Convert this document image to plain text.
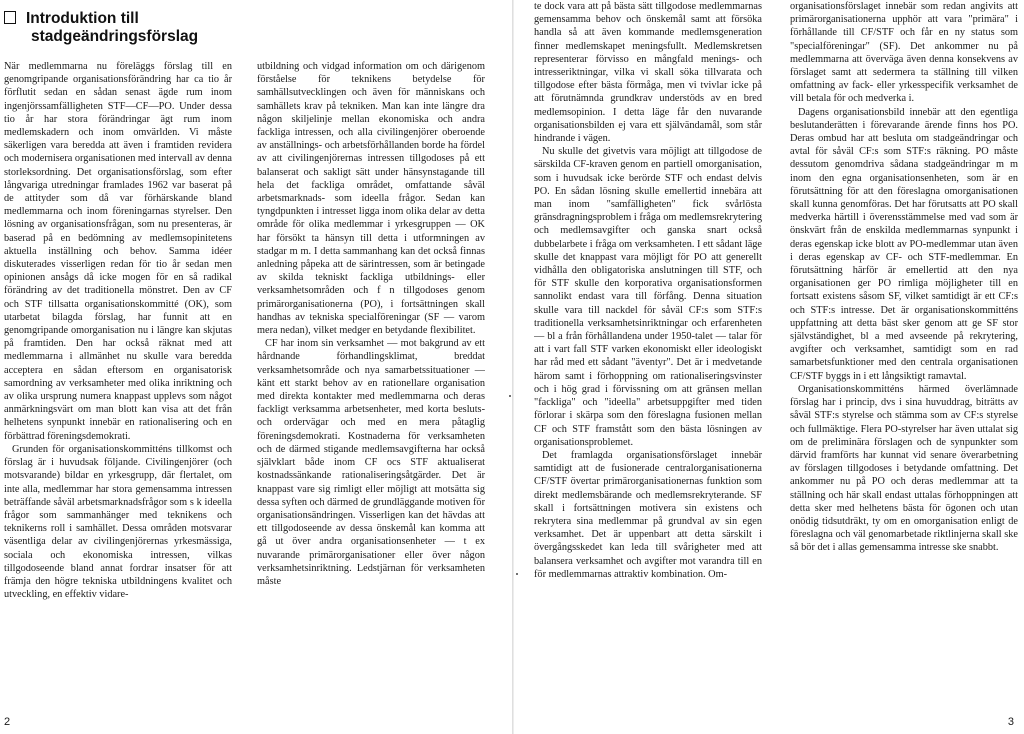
Introduktion till
stadgeändringsförslag

När medlemmarna nu föreläggs förslag till en genomgripande organisationsförändring har ca tio år förflutit sedan en sådan senast ägde rum inom ingenjörssamfälligheten STF—CF—PO. Under dessa tio år har stora förändringar ägt rum inom medlemskadern och inom omvärlden. Vi måste säkerligen vara beredda att även i framtiden revidera och modernisera organisationen med intervall av denna storleksordning. Det organisationsförslag, som efter långvariga utredningar framlades 1962 var baserat på de attityder som då var förhärskande bland medlemmarna och inom föreningarnas styrelser. Den lösning av organisationsfrågan, som nu presenteras, är baserad på en bedömning av medlemsopinitetens aktuella inställning och behov. Samma idéer diskuterades visserligen redan för tio år sedan men opinionen ansågs då icke mogen för en så radikal förändring av det traditionella mönstret. Den av CF och STF tillsatta organisationskommitté (OK), som utarbetat bilagda förslag, har funnit att en genomgripande omorganisation nu i längre kan skjutas på framtiden. Den har också räknat med att medlemmarna i allmänhet nu skulle vara beredda acceptera en sådan eftersom en organisatorisk samordning av verksamheter med olika inriktning och av olika ursprung numera knappast upplevs som något anmärkningsvärt om man blott kan visa att det från helhetens synpunkt innebär en rationalisering och en förbättrad föreningsdemokrati.

Grunden för organisationskommitténs tillkomst och förslag är i huvudsak följande. Civilingenjörer (och motsvarande) bildar en yrkesgrupp, där flertalet, om inte alla, medlemmar har stora gemensamma intressen beträffande såväl arbetsmarknadsfrågor som s k ideella frågor som sammanhänger med teknikens och teknikerns roll i samhället. Dessa områden motsvarar väsentliga delar av civilingenjörernas yrkesmässiga, sociala och ekonomiska intressen, vilkas tillgodoseende bland annat fordrar insatser för att främja den högre tekniska utbildningens kvalitet och utveckling, en effektiv vidare-

utbildning och vidgad information om och därigenom förståelse för teknikens betydelse för samhällsutvecklingen och även för människans och samhällets krav på tekniken. Man kan inte längre dra någon skiljelinje mellan ekonomiska och andra fackliga intressen, och alla civilingenjörer oberoende av anställnings- och arbetsförhållanden borde ha fördel av att civilingenjörernas intressen tillgodoses på ett balanserat och sakligt sätt under hänsynstagande till hela det fackliga området, omfattande såväl arbetsmarknads- som ideella frågor. Sedan kan tyngdpunkten i intresset ligga inom olika delar av detta område för olika medlemmar i yrkesgruppen — OK har försökt ta hänsyn till detta i utformningen av stadgar m m. I detta sammanhang kan det också finnas anledning påpeka att de särintressen, som är betingade av skilda tekniskt fackliga utbildnings- eller verksamhetsområden och f n tillgodoses genom primärorganisationerna (PO), i fortsättningen skall handhas av tekniska specialföreningar (SF — varom mera nedan), vilket medger en betydande flexibilitet.

CF har inom sin verksamhet — mot bakgrund av ett hårdnande förhandlingsklimat, breddat verksamhetsområde och nya samarbetssituationer — känt ett starkt behov av en rationellare organisation med direkta kontakter med medlemmarna och deras fackligt verksamma arbetsenheter, med korta besluts- och ordervägar och med en mera påtaglig föreningsdemokrati. Kostnaderna för verksamheten och de därmed stigande medlemsavgifterna har också självklart både inom CF ocs STF aktualiserat kostnadssänkande rationaliseringsåtgärder. Det är knappast vare sig rimligt eller möjligt att motsätta sig dessa syften och därmed de grundläggande motiven för organisationsändringen. Visserligen kan det hävdas att ett tillgodoseende av dessa önskemål kan komma att gå ut över andra organisationsenheter — t ex nuvarande primärorganisationer eller över någon verksamhetsinriktning. Ledstjärnan för verksamheten måste

te dock vara att på bästa sätt tillgodose medlemmarnas gemensamma behov och önskemål samt att försöka handla så att även kommande medlemsgeneration finner medlemskapet meningsfullt. Medlemskretsen representerar förvisso en mångfald menings- och intresseriktningar, vilka vi skall söka tillvarata och tillgodose efter bästa förmåga, men vi tvivlar icke på att förutnämnda grundkrav understöds av en bred medlemsopinion. I detta läge får den nuvarande organisationsbilden ej vara ett självändamål, som står hindrande i vägen.

Nu skulle det givetvis vara möjligt att tillgodose de särskilda CF-kraven genom en partiell omorganisation, som i huvudsak icke berörde STF och endast delvis PO. En sådan lösning skulle emellertid innebära att man inom "samfälligheten" fick svårlösta gränsdragningsproblem i fråga om medlemsrekrytering och medlemsavgifter och ganska snart också dubbelarbete i fråga om verksamheten. I ett sådant läge skulle det knappast vara möjligt för PO att generellt vidhålla den obligatoriska anslutningen till STF, och för STF skulle den korporativa organisationsformen sannolikt endast vara till förfång. Denna situation skulle vara till nackdel för såväl CF:s som STF:s traditionella verksamhetsinriktningar och erfarenheten — bl a från förhållandena under 1950-talet — talar för att i vart fall STF varken ekonomiskt eller ideologiskt har råd med ett sådant "äventyr". Det är i medvetande härom samt i förhoppning om rationaliseringsvinster och i hög grad i förvissning om att gränsen mellan "fackliga" och "ideella" arbetsuppgifter med tiden förlorar i skärpa som den föreslagna fusionen mellan CF och STF framstått som den bästa lösningen av organisationsproblemet.

Det framlagda organisationsförslaget innebär samtidigt att de fusionerade centralorganisationerna CF/STF övertar primärorganisationernas funktion som direkt medlemsbärande och medlemsrekryterande. SF skall i fortsättningen motivera sin existens och rekrytera sina medlemmar på grundval av sin egen verksamhet. Det är uppenbart att detta särskilt i övergångsskedet kan leda till svårigheter med att balansera verksamhet och avgifter mot varandra till en för medlemmarnas attraktiv kombination. Om-

organisationsförslaget innebär som redan angivits att primärorganisationerna upphör att vara "primära" i förhållande till CF/STF och får en ny status som "specialföreningar" (SF). Det ankommer nu på medlemmarna att överväga även denna konsekvens av förslaget samt att sedermera ta ställning till vilken omfattning av fack- eller yrkesspecifik verksamhet de vill betala för och medverka i.

Dagens organisationsbild innebär att den egentliga beslutanderätten i förevarande ärende finns hos PO. Deras ombud har att besluta om stadgeändringar och avtal för såväl CF:s som STF:s räkning. PO måste dessutom genomdriva sådana stadgeändringar m m inom den egna organisationsenheten, som är en förutsättning för att den föreslagna omorganisationen skall kunna genomföras. Det har förutsatts att PO skall medverka härtill i överensstämmelse med vad som är önskvärt från de enskilda medlemmarnas synpunkt i deras egenskap icke blott av PO-medlemmar utan även i deras egenskap av CF- och STF-medlemmar. En förutsättning härför är emellertid att den nya organisationen ger PO rimliga möjligheter till en fortsatt existens såsom SF, vilket samtidigt är ett CF:s och STF:s intresse. Det är organisationskommitténs uppfattning att detta bäst sker genom att ge SF stor självständighet, bl a med avseende på rekrytering, avgifter och verksamhet, samtidigt som en rad samarbetsfunktioner med den centrala organisationen CF/STF byggs in i ett långsiktigt ramavtal.

Organisationskommitténs härmed överlämnade förslag har i princip, dvs i sina huvuddrag, biträtts av såväl STF:s styrelse och stämma som av CF:s styrelse och fullmäktige. Flera PO-styrelser har även uttalat sig om de preliminära förslagen och de synpunkter som därvid framförts har kunnat vid senare överarbetning av förslagen tillgodoses i betydande omfattning. Det ankommer nu på PO och deras medlemmar att ta ställning och här skall endast uttalas förhoppningen att detta sker med helhetens bästa för ögonen och utan onödig tidsutdräkt, ty om en omorganisation enligt de föreslagna och väl genomarbetade riktlinjerna skall ske så bör det i allas gemensamma intresse ske snabbt.

2	3
